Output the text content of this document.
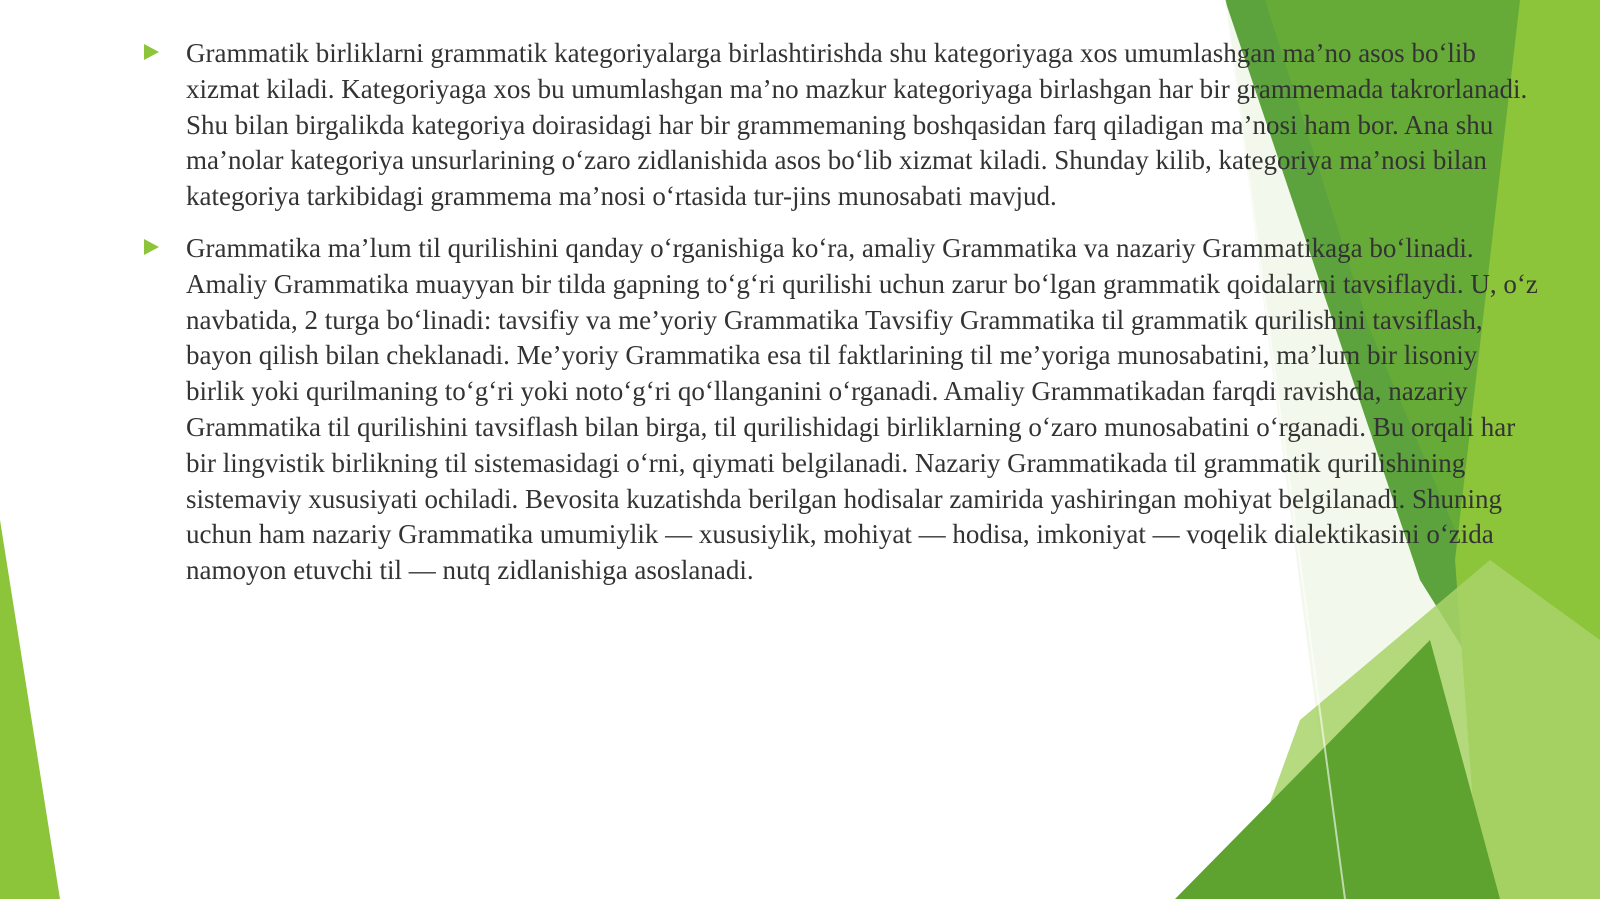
Grammatik birliklarni grammatik kategoriyalarga birlashtirishda shu kategoriyaga xos umumlashgan ma’no asos bo‘lib xizmat kiladi. Kategoriyaga xos bu umumlashgan ma’no mazkur kategoriyaga birlashgan har bir grammemada takrorlanadi. Shu bilan birgalikda kategoriya doirasidagi har bir grammemaning boshqasidan farq qiladigan ma’nosi ham bor. Ana shu ma’nolar kategoriya unsurlarining o‘zaro zidlanishida asos bo‘lib xizmat kiladi. Shunday kilib, kategoriya ma’nosi bilan kategoriya tarkibidagi grammema ma’nosi o‘rtasida tur-jins munosabati mavjud.

Grammatika ma’lum til qurilishini qanday o‘rganishiga ko‘ra, amaliy Grammatika va nazariy Grammatikaga bo‘linadi. Amaliy Grammatika muayyan bir tilda gapning to‘g‘ri qurilishi uchun zarur bo‘lgan grammatik qoidalarni tavsiflaydi. U, o‘z navbatida, 2 turga bo‘linadi: tavsifiy va me’yoriy Grammatika Tavsifiy Grammatika til grammatik qurilishini tavsiflash, bayon qilish bilan cheklanadi. Me’yoriy Grammatika esa til faktlarining til me’yoriga munosabatini, ma’lum bir lisoniy birlik yoki qurilmaning to‘g‘ri yoki noto‘g‘ri qo‘llanganini o‘rganadi. Amaliy Grammatikadan farqdi ravishda, nazariy Grammatika til qurilishini tavsiflash bilan birga, til qurilishidagi birliklarning o‘zaro munosabatini o‘rganadi. Bu orqali har bir lingvistik birlikning til sistemasidagi o‘rni, qiymati belgilanadi. Nazariy Grammatikada til grammatik qurilishining sistemaviy xususiyati ochiladi. Bevosita kuzatishda berilgan hodisalar zamirida yashiringan mohiyat belgilanadi. Shuning uchun ham nazariy Grammatika umumiylik — xususiylik, mohiyat — hodisa, imkoniyat — voqelik dialektikasini o‘zida namoyon etuvchi til — nutq zidlanishiga asoslanadi.
